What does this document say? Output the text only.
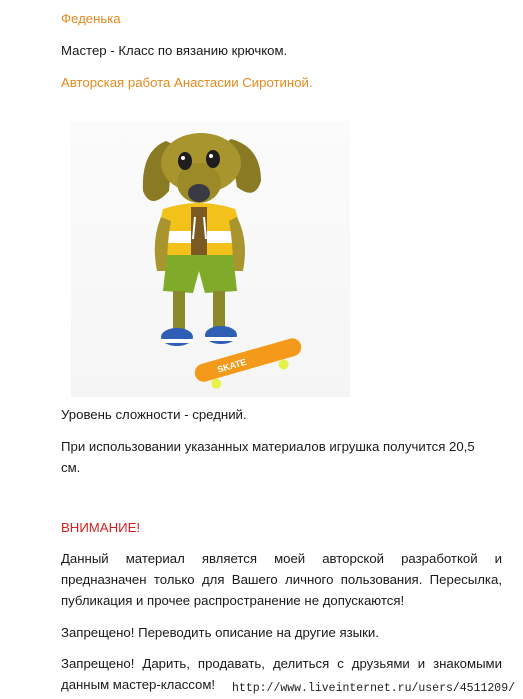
Феденька
Мастер - Класс по вязанию крючком.
Авторская работа Анастасии Сиротиной.
SKATE
Уровень сложности - средний.
При использовании указанных материалов игрушка получится 20,5
см.
ВНИМАНИЕ!
Данный материал является моей авторской разработкой и
предназначен только для Вашего личного пользования. Пересылка,
публикация и прочее распространение не допускаются!
Запрещено! Переводить описание на другие языки.
Запрещено! Дарить, продавать, делиться с друзьями и знакомыми
данным мастер-классом!	http://www.liveinternet.ru/users/4511209/
